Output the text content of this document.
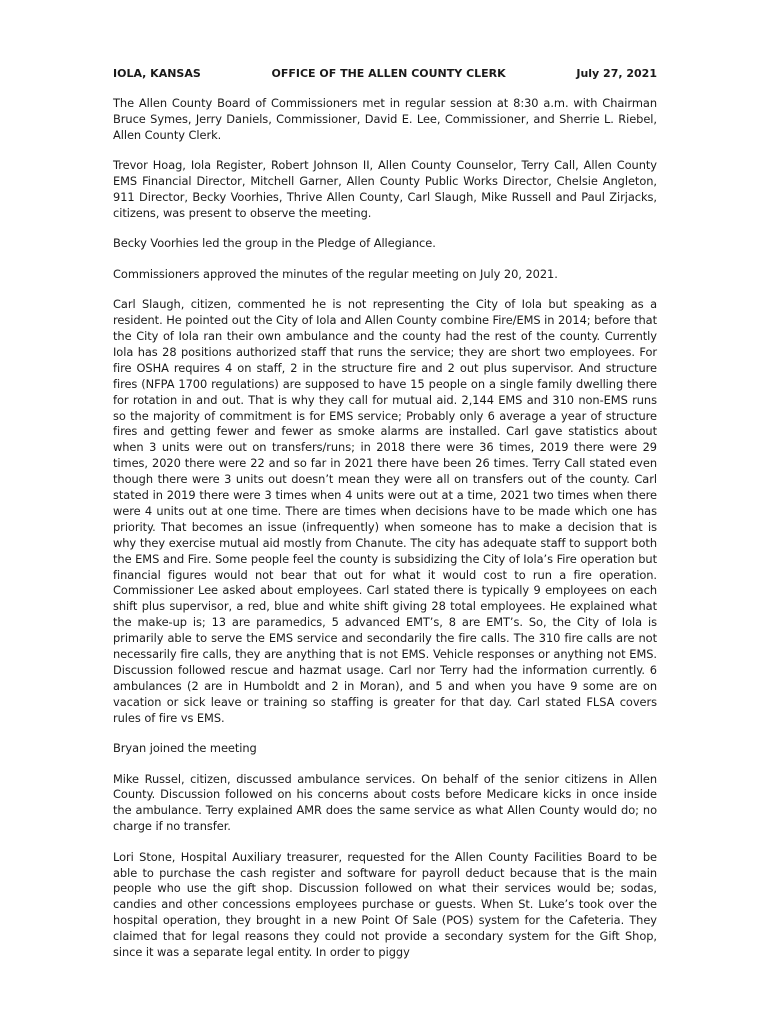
IOLA, KANSAS	OFFICE OF THE ALLEN COUNTY CLERK	July 27, 2021

The Allen County Board of Commissioners met in regular session at 8:30 a.m. with Chairman Bruce Symes, Jerry Daniels, Commissioner, David E. Lee, Commissioner, and Sherrie L. Riebel, Allen County Clerk.

Trevor Hoag, Iola Register, Robert Johnson II, Allen County Counselor, Terry Call, Allen County EMS Financial Director, Mitchell Garner, Allen County Public Works Director, Chelsie Angleton, 911 Director, Becky Voorhies, Thrive Allen County, Carl Slaugh, Mike Russell and Paul Zirjacks, citizens, was present to observe the meeting.

Becky Voorhies led the group in the Pledge of Allegiance.

Commissioners approved the minutes of the regular meeting on July 20, 2021.

Carl Slaugh, citizen, commented he is not representing the City of Iola but speaking as a resident. He pointed out the City of Iola and Allen County combine Fire/EMS in 2014; before that the City of Iola ran their own ambulance and the county had the rest of the county. Currently Iola has 28 positions authorized staff that runs the service; they are short two employees. For fire OSHA requires 4 on staff, 2 in the structure fire and 2 out plus supervisor. And structure fires (NFPA 1700 regulations) are supposed to have 15 people on a single family dwelling there for rotation in and out. That is why they call for mutual aid. 2,144 EMS and 310 non-EMS runs so the majority of commitment is for EMS service; Probably only 6 average a year of structure fires and getting fewer and fewer as smoke alarms are installed. Carl gave statistics about when 3 units were out on transfers/runs; in 2018 there were 36 times, 2019 there were 29 times, 2020 there were 22 and so far in 2021 there have been 26 times. Terry Call stated even though there were 3 units out doesn’t mean they were all on transfers out of the county. Carl stated in 2019 there were 3 times when 4 units were out at a time, 2021 two times when there were 4 units out at one time. There are times when decisions have to be made which one has priority. That becomes an issue (infrequently) when someone has to make a decision that is why they exercise mutual aid mostly from Chanute. The city has adequate staff to support both the EMS and Fire. Some people feel the county is subsidizing the City of Iola’s Fire operation but financial figures would not bear that out for what it would cost to run a fire operation. Commissioner Lee asked about employees. Carl stated there is typically 9 employees on each shift plus supervisor, a red, blue and white shift giving 28 total employees. He explained what the make-up is; 13 are paramedics, 5 advanced EMT’s, 8 are EMT’s. So, the City of Iola is primarily able to serve the EMS service and secondarily the fire calls. The 310 fire calls are not necessarily fire calls, they are anything that is not EMS. Vehicle responses or anything not EMS. Discussion followed rescue and hazmat usage. Carl nor Terry had the information currently. 6 ambulances (2 are in Humboldt and 2 in Moran), and 5 and when you have 9 some are on vacation or sick leave or training so staffing is greater for that day. Carl stated FLSA covers rules of fire vs EMS.

Bryan joined the meeting

Mike Russel, citizen, discussed ambulance services. On behalf of the senior citizens in Allen County. Discussion followed on his concerns about costs before Medicare kicks in once inside the ambulance. Terry explained AMR does the same service as what Allen County would do; no charge if no transfer.

Lori Stone, Hospital Auxiliary treasurer, requested for the Allen County Facilities Board to be able to purchase the cash register and software for payroll deduct because that is the main people who use the gift shop. Discussion followed on what their services would be; sodas, candies and other concessions employees purchase or guests. When St. Luke’s took over the hospital operation, they brought in a new Point Of Sale (POS) system for the Cafeteria. They claimed that for legal reasons they could not provide a secondary system for the Gift Shop, since it was a separate legal entity. In order to piggy
